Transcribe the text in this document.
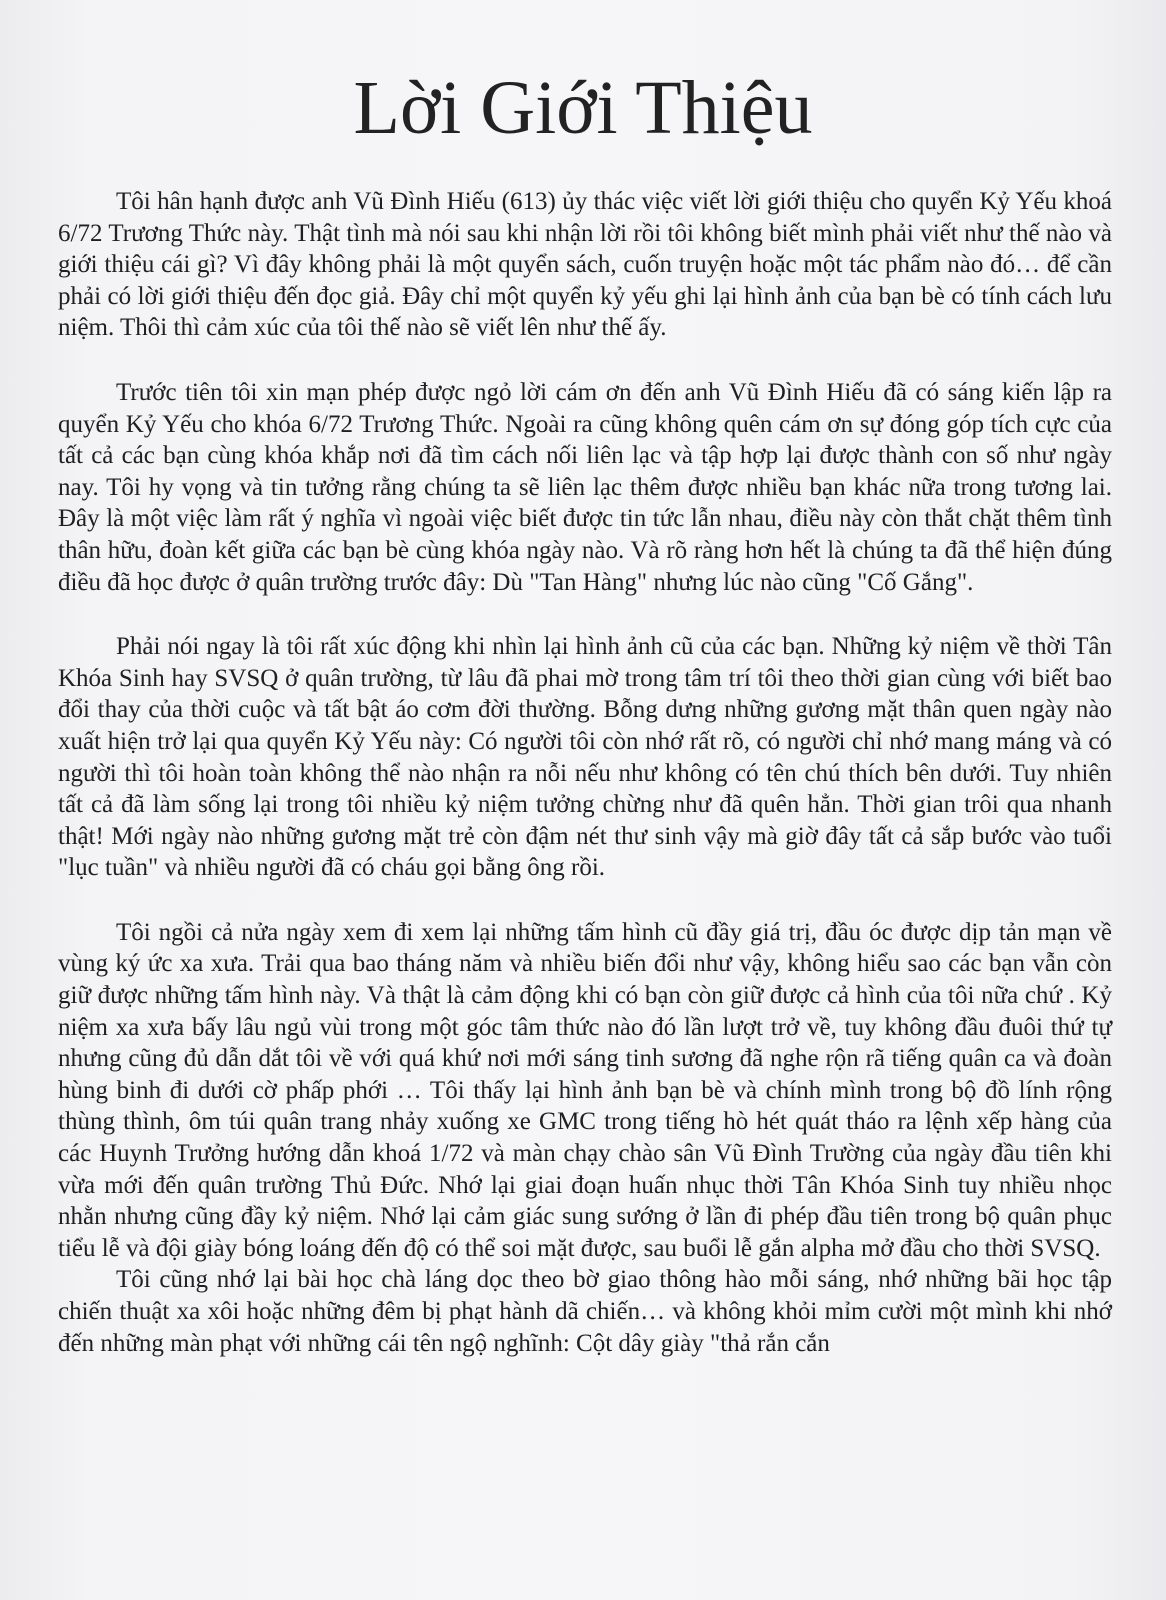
Lời Giới Thiệu

Tôi hân hạnh được anh Vũ Đình Hiếu (613) ủy thác việc viết lời giới thiệu cho quyển Kỷ Yếu khoá 6/72 Trương Thức này. Thật tình mà nói sau khi nhận lời rồi tôi không biết mình phải viết như thế nào và giới thiệu cái gì? Vì đây không phải là một quyển sách, cuốn truyện hoặc một tác phẩm nào đó… để cần phải có lời giới thiệu đến đọc giả. Đây chỉ một quyển kỷ yếu ghi lại hình ảnh của bạn bè có tính cách lưu niệm. Thôi thì cảm xúc của tôi thế nào sẽ viết lên như thế ấy.

Trước tiên tôi xin mạn phép được ngỏ lời cám ơn đến anh Vũ Đình Hiếu đã có sáng kiến lập ra quyển Kỷ Yếu cho khóa 6/72 Trương Thức. Ngoài ra cũng không quên cám ơn sự đóng góp tích cực của tất cả các bạn cùng khóa khắp nơi đã tìm cách nối liên lạc và tập hợp lại được thành con số như ngày nay. Tôi hy vọng và tin tưởng rằng chúng ta sẽ liên lạc thêm được nhiều bạn khác nữa trong tương lai. Đây là một việc làm rất ý nghĩa vì ngoài việc biết được tin tức lẫn nhau, điều này còn thắt chặt thêm tình thân hữu, đoàn kết giữa các bạn bè cùng khóa ngày nào. Và rõ ràng hơn hết là chúng ta đã thể hiện đúng điều đã học được ở quân trường trước đây: Dù "Tan Hàng" nhưng lúc nào cũng "Cố Gắng".

Phải nói ngay là tôi rất xúc động khi nhìn lại hình ảnh cũ của các bạn. Những kỷ niệm về thời Tân Khóa Sinh hay SVSQ ở quân trường, từ lâu đã phai mờ trong tâm trí tôi theo thời gian cùng với biết bao đổi thay của thời cuộc và tất bật áo cơm đời thường. Bỗng dưng những gương mặt thân quen ngày nào xuất hiện trở lại qua quyển Kỷ Yếu này: Có người tôi còn nhớ rất rõ, có người chỉ nhớ mang máng và có người thì tôi hoàn toàn không thể nào nhận ra nỗi nếu như không có tên chú thích bên dưới. Tuy nhiên tất cả đã làm sống lại trong tôi nhiều kỷ niệm tưởng chừng như đã quên hẳn. Thời gian trôi qua nhanh thật! Mới ngày nào những gương mặt trẻ còn đậm nét thư sinh vậy mà giờ đây tất cả sắp bước vào tuổi "lục tuần" và nhiều người đã có cháu gọi bằng ông rồi.

Tôi ngồi cả nửa ngày xem đi xem lại những tấm hình cũ đầy giá trị, đầu óc được dịp tản mạn về vùng ký ức xa xưa. Trải qua bao tháng năm và nhiều biến đổi như vậy, không hiểu sao các bạn vẫn còn giữ được những tấm hình này. Và thật là cảm động khi có bạn còn giữ được cả hình của tôi nữa chứ . Kỷ niệm xa xưa bấy lâu ngủ vùi trong một góc tâm thức nào đó lần lượt trở về, tuy không đầu đuôi thứ tự nhưng cũng đủ dẫn dắt tôi về với quá khứ nơi mới sáng tinh sương đã nghe rộn rã tiếng quân ca và đoàn hùng binh đi dưới cờ phấp phới … Tôi thấy lại hình ảnh bạn bè và chính mình trong bộ đồ lính rộng thùng thình, ôm túi quân trang nhảy xuống xe GMC trong tiếng hò hét quát tháo ra lệnh xếp hàng của các Huynh Trưởng hướng dẫn khoá 1/72 và màn chạy chào sân Vũ Đình Trường của ngày đầu tiên khi vừa mới đến quân trường Thủ Đức. Nhớ lại giai đoạn huấn nhục thời Tân Khóa Sinh tuy nhiều nhọc nhằn nhưng cũng đầy kỷ niệm. Nhớ lại cảm giác sung sướng ở lần đi phép đầu tiên trong bộ quân phục tiểu lễ và đội giày bóng loáng đến độ có thể soi mặt được, sau buổi lễ gắn alpha mở đầu cho thời SVSQ.

Tôi cũng nhớ lại bài học chà láng dọc theo bờ giao thông hào mỗi sáng, nhớ những bãi học tập chiến thuật xa xôi hoặc những đêm bị phạt hành dã chiến… và không khỏi mỉm cười một mình khi nhớ đến những màn phạt với những cái tên ngộ nghĩnh: Cột dây giày "thả rắn cắn
